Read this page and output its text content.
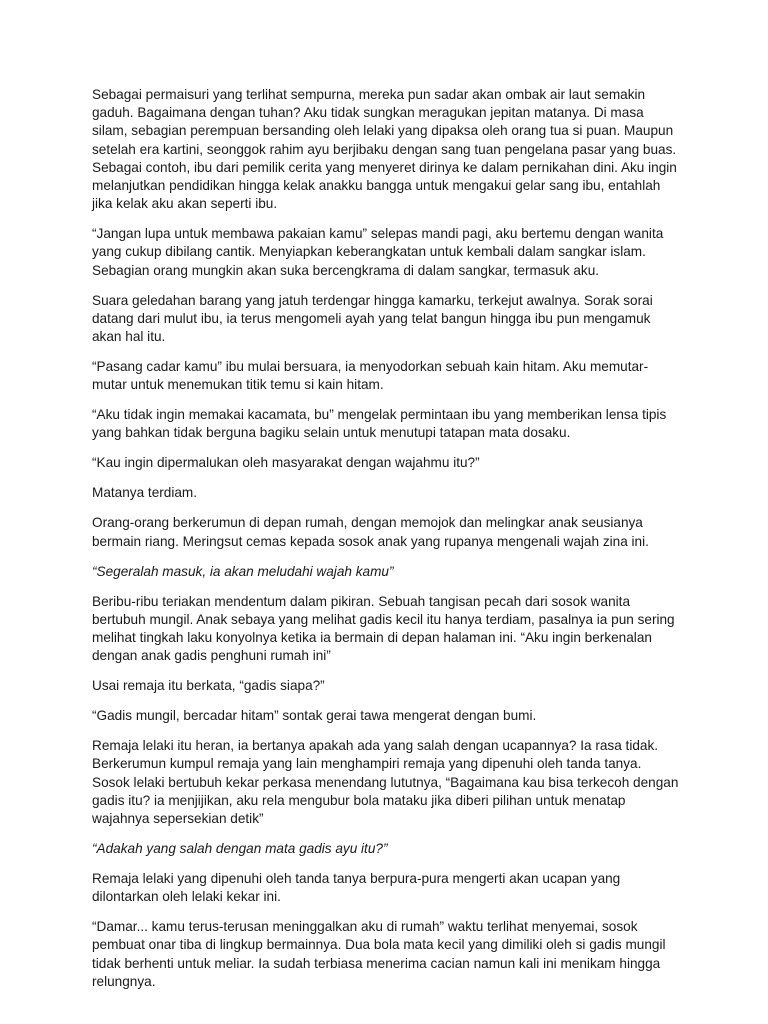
Sebagai permaisuri yang terlihat sempurna, mereka pun sadar akan ombak air laut semakin gaduh. Bagaimana dengan tuhan? Aku tidak sungkan meragukan jepitan matanya. Di masa silam, sebagian perempuan bersanding oleh lelaki yang dipaksa oleh orang tua si puan. Maupun setelah era kartini, seonggok rahim ayu berjibaku dengan sang tuan pengelana pasar yang buas. Sebagai contoh, ibu dari pemilik cerita yang menyeret dirinya ke dalam pernikahan dini. Aku ingin melanjutkan pendidikan hingga kelak anakku bangga untuk mengakui gelar sang ibu, entahlah jika kelak aku akan seperti ibu.

“Jangan lupa untuk membawa pakaian kamu” selepas mandi pagi, aku bertemu dengan wanita yang cukup dibilang cantik. Menyiapkan keberangkatan untuk kembali dalam sangkar islam. Sebagian orang mungkin akan suka bercengkrama di dalam sangkar, termasuk aku.

Suara geledahan barang yang jatuh terdengar hingga kamarku, terkejut awalnya. Sorak sorai datang dari mulut ibu, ia terus mengomeli ayah yang telat bangun hingga ibu pun mengamuk akan hal itu.

“Pasang cadar kamu” ibu mulai bersuara, ia menyodorkan sebuah kain hitam. Aku memutar-mutar untuk menemukan titik temu si kain hitam.

“Aku tidak ingin memakai kacamata, bu” mengelak permintaan ibu yang memberikan lensa tipis yang bahkan tidak berguna bagiku selain untuk menutupi tatapan mata dosaku.

“Kau ingin dipermalukan oleh masyarakat dengan wajahmu itu?”

Matanya terdiam.

Orang-orang berkerumun di depan rumah, dengan memojok dan melingkar anak seusianya bermain riang. Meringsut cemas kepada sosok anak yang rupanya mengenali wajah zina ini.

“Segeralah masuk, ia akan meludahi wajah kamu”

Beribu-ribu teriakan mendentum dalam pikiran. Sebuah tangisan pecah dari sosok wanita bertubuh mungil. Anak sebaya yang melihat gadis kecil itu hanya terdiam, pasalnya ia pun sering melihat tingkah laku konyolnya ketika ia bermain di depan halaman ini. “Aku ingin berkenalan dengan anak gadis penghuni rumah ini”

Usai remaja itu berkata, “gadis siapa?”

“Gadis mungil, bercadar hitam” sontak gerai tawa mengerat dengan bumi.

Remaja lelaki itu heran, ia bertanya apakah ada yang salah dengan ucapannya? Ia rasa tidak. Berkerumun kumpul remaja yang lain menghampiri remaja yang dipenuhi oleh tanda tanya. Sosok lelaki bertubuh kekar perkasa menendang lututnya, “Bagaimana kau bisa terkecoh dengan gadis itu? ia menjijikan, aku rela mengubur bola mataku jika diberi pilihan untuk menatap wajahnya sepersekian detik”

“Adakah yang salah dengan mata gadis ayu itu?”

Remaja lelaki yang dipenuhi oleh tanda tanya berpura-pura mengerti akan ucapan yang dilontarkan oleh lelaki kekar ini.

“Damar... kamu terus-terusan meninggalkan aku di rumah” waktu terlihat menyemai, sosok pembuat onar tiba di lingkup bermainnya. Dua bola mata kecil yang dimiliki oleh si gadis mungil tidak berhenti untuk meliar. Ia sudah terbiasa menerima cacian namun kali ini menikam hingga relungnya.
